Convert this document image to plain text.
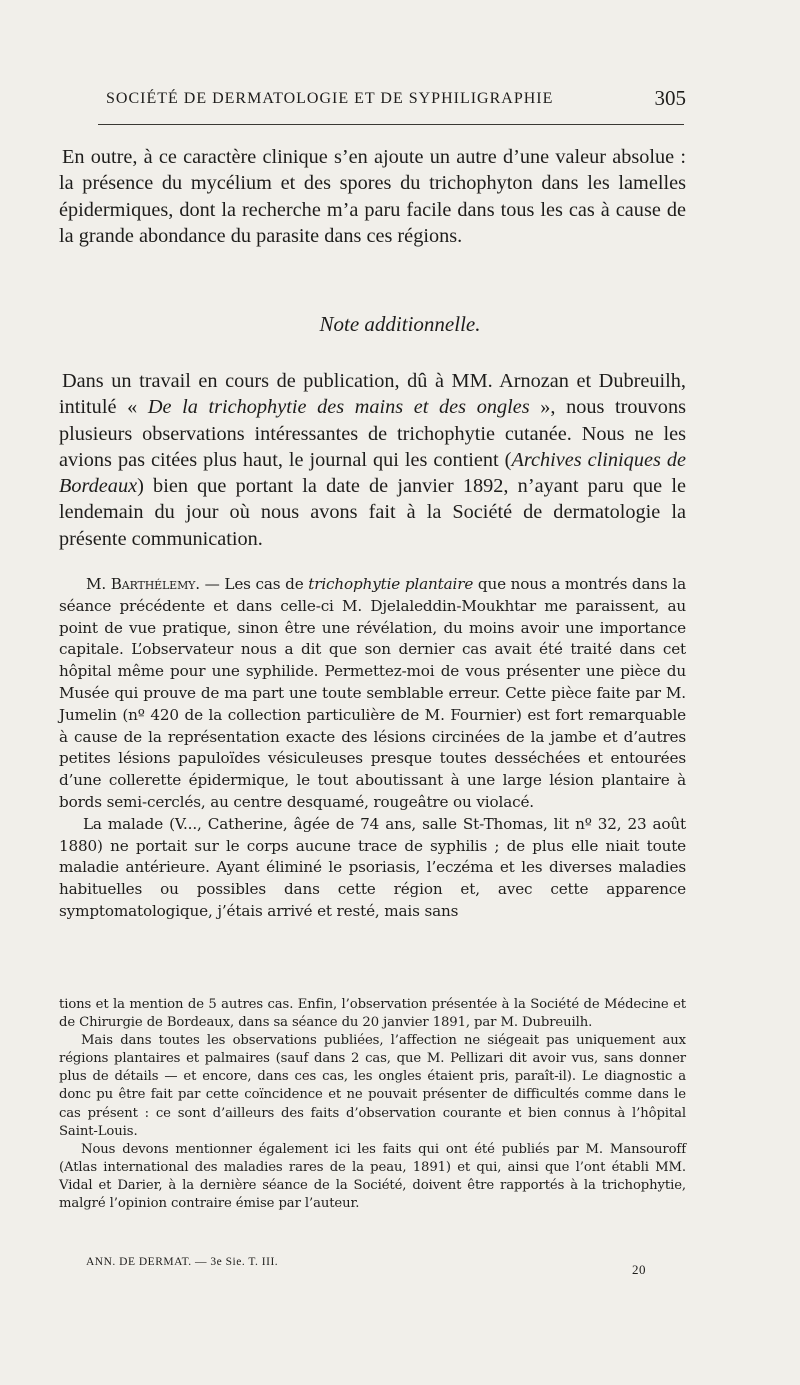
SOCIÉTÉ DE DERMATOLOGIE ET DE SYPHILIGRAPHIE	305

En outre, à ce caractère clinique s’en ajoute un autre d’une valeur absolue : la présence du mycélium et des spores du trichophyton dans les lamelles épidermiques, dont la recherche m’a paru facile dans tous les cas à cause de la grande abondance du parasite dans ces régions.

Note additionnelle.

Dans un travail en cours de publication, dû à MM. Arnozan et Dubreuilh, intitulé « De la trichophytie des mains et des ongles », nous trouvons plusieurs observations intéressantes de trichophytie cutanée. Nous ne les avions pas citées plus haut, le journal qui les contient (Archives cliniques de Bordeaux) bien que portant la date de janvier 1892, n’ayant paru que le lendemain du jour où nous avons fait à la Société de dermatologie la présente communication.

M. Barthélemy. — Les cas de trichophytie plantaire que nous a montrés dans la séance précédente et dans celle-ci M. Djelaleddin-Moukhtar me paraissent, au point de vue pratique, sinon être une révélation, du moins avoir une importance capitale. L’observateur nous a dit que son dernier cas avait été traité dans cet hôpital même pour une syphilide. Permettez-moi de vous présenter une pièce du Musée qui prouve de ma part une toute semblable erreur. Cette pièce faite par M. Jumelin (nº 420 de la collection particulière de M. Fournier) est fort remarquable à cause de la représentation exacte des lésions circinées de la jambe et d’autres petites lésions papuloïdes vésiculeuses presque toutes desséchées et entourées d’une collerette épidermique, le tout aboutissant à une large lésion plantaire à bords semi-cerclés, au centre desquamé, rougeâtre ou violacé.

La malade (V..., Catherine, âgée de 74 ans, salle St-Thomas, lit nº 32, 23 août 1880) ne portait sur le corps aucune trace de syphilis ; de plus elle niait toute maladie antérieure. Ayant éliminé le psoriasis, l’eczéma et les diverses maladies habituelles ou possibles dans cette région et, avec cette apparence symptomatologique, j’étais arrivé et resté, mais sans

tions et la mention de 5 autres cas. Enfin, l’observation présentée à la Société de Médecine et de Chirurgie de Bordeaux, dans sa séance du 20 janvier 1891, par M. Dubreuilh.

Mais dans toutes les observations publiées, l’affection ne siégeait pas uniquement aux régions plantaires et palmaires (sauf dans 2 cas, que M. Pellizari dit avoir vus, sans donner plus de détails — et encore, dans ces cas, les ongles étaient pris, paraît-il). Le diagnostic a donc pu être fait par cette coïncidence et ne pouvait présenter de difficultés comme dans le cas présent : ce sont d’ailleurs des faits d’observation courante et bien connus à l’hôpital Saint-Louis.

Nous devons mentionner également ici les faits qui ont été publiés par M. Mansouroff (Atlas international des maladies rares de la peau, 1891) et qui, ainsi que l’ont établi MM. Vidal et Darier, à la dernière séance de la Société, doivent être rapportés à la trichophytie, malgré l’opinion contraire émise par l’auteur.

ANN. DE DERMAT. — 3e Sie. T. III.	20
